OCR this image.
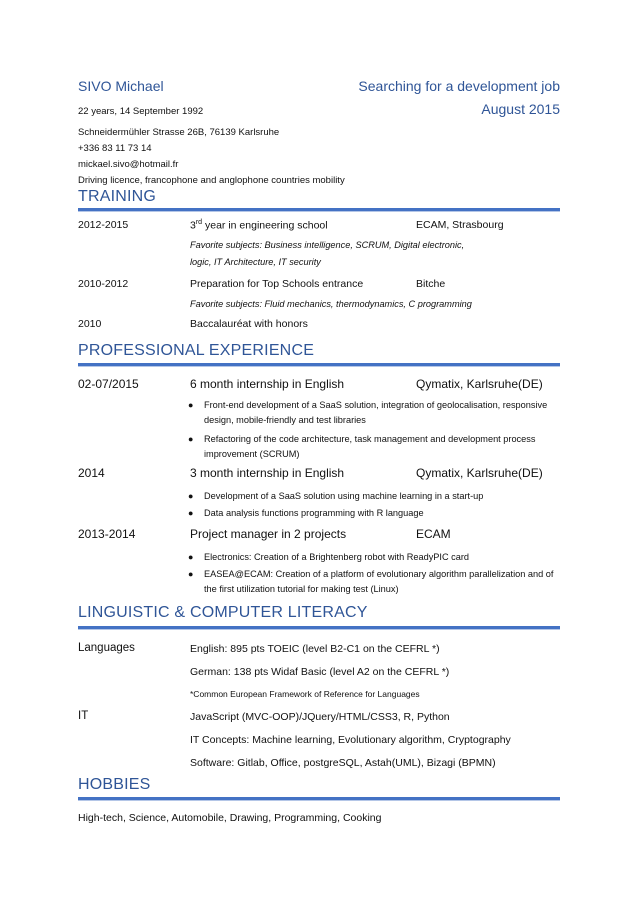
SIVO Michael	Searching for a development job
22 years, 14 September 1992	August 2015
Schneidermühler Strasse 26B, 76139 Karlsruhe
+336 83 11 73 14
mickael.sivo@hotmail.fr
Driving licence, francophone and anglophone countries mobility
TRAINING
2012-2015	3rd year in engineering school	ECAM, Strasbourg
Favorite subjects: Business intelligence, SCRUM, Digital electronic,
logic, IT Architecture, IT security
2010-2012	Preparation for Top Schools entrance	Bitche
Favorite subjects: Fluid mechanics, thermodynamics, C programming
2010	Baccalauréat with honors
PROFESSIONAL EXPERIENCE
02-07/2015	6 month internship in English	Qymatix, Karlsruhe(DE)
● Front-end development of a SaaS solution, integration of geolocalisation, responsive design, mobile-friendly and test libraries
● Refactoring of the code architecture, task management and development process improvement (SCRUM)
2014	3 month internship in English	Qymatix, Karlsruhe(DE)
● Development of a SaaS solution using machine learning in a start-up
● Data analysis functions programming with R language
2013-2014	Project manager in 2 projects	ECAM
● Electronics: Creation of a Brightenberg robot with ReadyPIC card
● EASEA@ECAM: Creation of a platform of evolutionary algorithm parallelization and of the first utilization tutorial for making test (Linux)
LINGUISTIC & COMPUTER LITERACY
Languages	English: 895 pts TOEIC (level B2-C1 on the CEFRL *)
German: 138 pts Widaf Basic (level A2 on the CEFRL *)
*Common European Framework of Reference for Languages
IT	JavaScript (MVC-OOP)/JQuery/HTML/CSS3, R, Python
IT Concepts: Machine learning, Evolutionary algorithm, Cryptography
Software: Gitlab, Office, postgreSQL, Astah(UML), Bizagi (BPMN)
HOBBIES
High-tech, Science, Automobile, Drawing, Programming, Cooking
